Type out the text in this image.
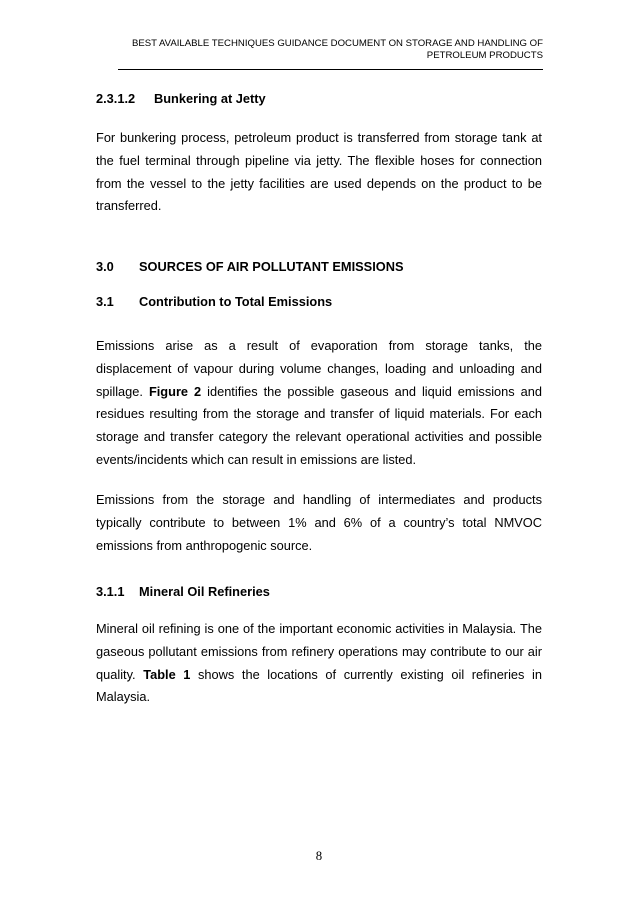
BEST AVAILABLE TECHNIQUES GUIDANCE DOCUMENT ON STORAGE AND HANDLING OF
PETROLEUM PRODUCTS
2.3.1.2 Bunkering at Jetty

For bunkering process, petroleum product is transferred from storage tank at the fuel terminal through pipeline via jetty. The flexible hoses for connection from the vessel to the jetty facilities are used depends on the product to be transferred.

3.0 SOURCES OF AIR POLLUTANT EMISSIONS
3.1 Contribution to Total Emissions

Emissions arise as a result of evaporation from storage tanks, the displacement of vapour during volume changes, loading and unloading and spillage. Figure 2 identifies the possible gaseous and liquid emissions and residues resulting from the storage and transfer of liquid materials. For each storage and transfer category the relevant operational activities and possible events/incidents which can result in emissions are listed.

Emissions from the storage and handling of intermediates and products typically contribute to between 1% and 6% of a country’s total NMVOC emissions from anthropogenic source.

3.1.1 Mineral Oil Refineries

Mineral oil refining is one of the important economic activities in Malaysia. The gaseous pollutant emissions from refinery operations may contribute to our air quality. Table 1 shows the locations of currently existing oil refineries in Malaysia.

8
